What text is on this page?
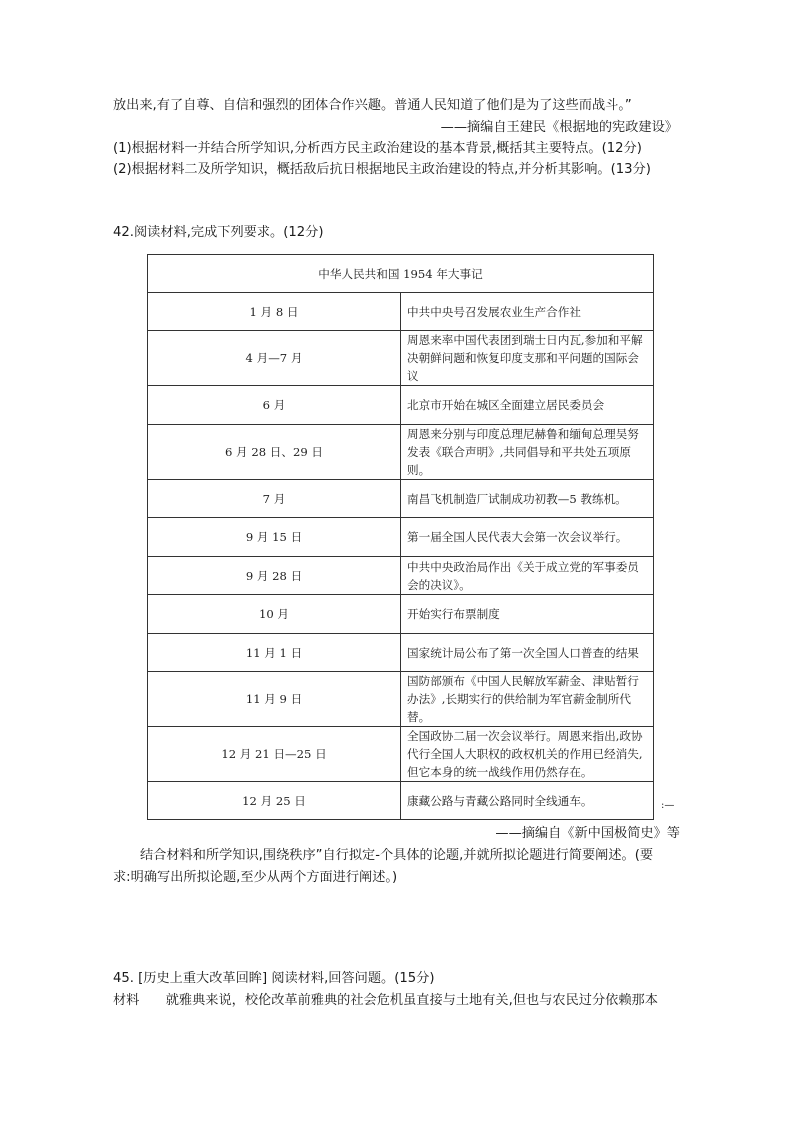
放出来,有了自尊、自信和强烈的团体合作兴趣。普通人民知道了他们是为了这些而战斗。”
——摘编自王建民《根据地的宪政建设》
(1)根据材料一并结合所学知识,分析西方民主政治建设的基本背景,概括其主要特点。(12分)
(2)根据材料二及所学知识，概括敌后抗日根据地民主政治建设的特点,并分析其影响。(13分)
42.阅读材料,完成下列要求。(12分)
中华人民共和国 1954 年大事记	
1 月 8 日	中共中央号召发展农业生产合作社
4 月—7 月	周恩来率中国代表团到瑞士日内瓦,参加和平解决朝鲜问题和恢复印度支那和平问题的国际会议
6 月	北京市开始在城区全面建立居民委员会
6 月 28 日、29 日	周恩来分别与印度总理尼赫鲁和缅甸总理吴努发表《联合声明》,共同倡导和平共处五项原则。
7 月	南昌飞机制造厂试制成功初教—5 教练机。
9 月 15 日	第一届全国人民代表大会第一次会议举行。
9 月 28 日	中共中央政治局作出《关于成立党的军事委员会的决议》。
10 月	开始实行布票制度
11 月 1 日	国家统计局公布了第一次全国人口普查的结果
11 月 9 日	国防部颁布《中国人民解放军薪金、津贴暂行办法》,长期实行的供给制为军官薪金制所代替。
12 月 21 日—25 日	全国政协二届一次会议举行。周恩来指出,政协代行全国人大职权的政权机关的作用已经消失,但它本身的统一战线作用仍然存在。
12 月 25 日	康藏公路与青藏公路同时全线通车。	:—
——摘编自《新中国极简史》等
结合材料和所学知识,围绕秩序”自行拟定-个具体的论题,并就所拟论题进行简要阐述。(要
求:明确写出所拟论题,至少从两个方面进行阐述。)
45. [历史上重大改革回眸] 阅读材料,回答问题。(15分)
材料　　就雅典来说，校伦改革前雅典的社会危机虽直接与土地有关,但也与农民过分依赖那本
